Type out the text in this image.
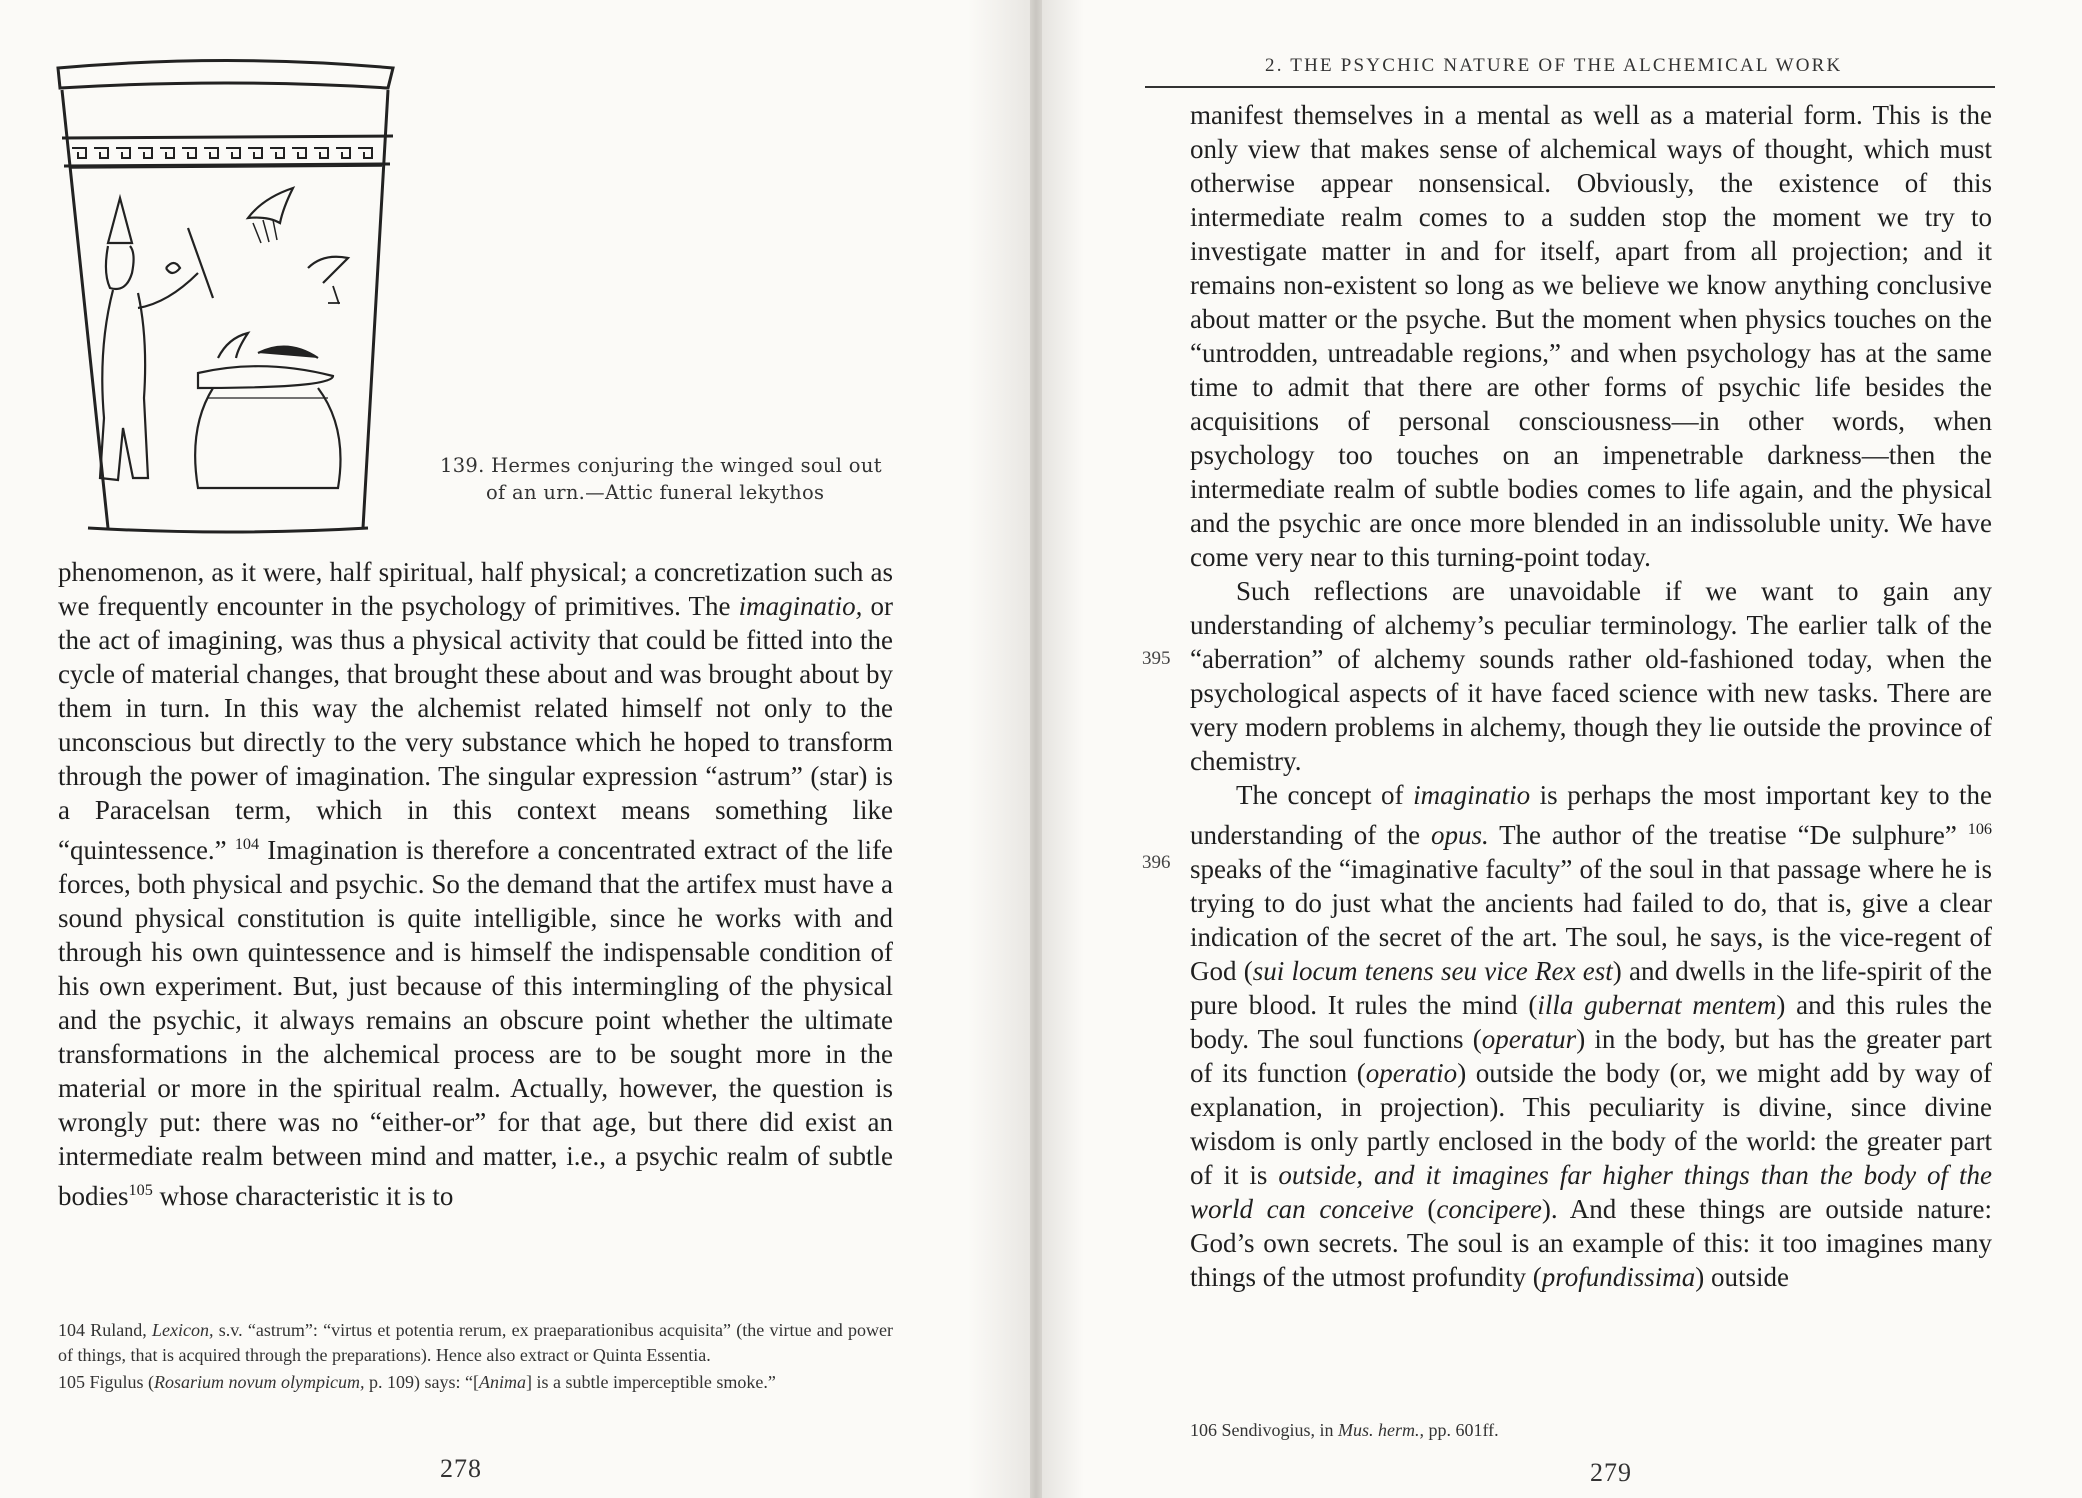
139. Hermes conjuring the winged soul out
of an urn.—Attic funeral lekythos

phenomenon, as it were, half spiritual, half physical; a concretization such as we frequently encounter in the psychology of primitives. The imaginatio, or the act of imagining, was thus a physical activity that could be fitted into the cycle of material changes, that brought these about and was brought about by them in turn. In this way the alchemist related himself not only to the unconscious but directly to the very substance which he hoped to transform through the power of imagination. The singular expression “astrum” (star) is a Paracelsan term, which in this context means something like “quintessence.” $^{104}$ Imagination is therefore a concentrated extract of the life forces, both physical and psychic. So the demand that the artifex must have a sound physical constitution is quite intelligible, since he works with and through his own quintessence and is himself the indispensable condition of his own experiment. But, just because of this intermingling of the physical and the psychic, it always remains an obscure point whether the ultimate transformations in the alchemical process are to be sought more in the material or more in the spiritual realm. Actually, however, the question is wrongly put: there was no “either-or” for that age, but there did exist an intermediate realm between mind and matter, i.e., a psychic realm of subtle bodies$^{105}$ whose characteristic it is to

104 Ruland, Lexicon, s.v. “astrum”: “virtus et potentia rerum, ex praeparationibus acquisita” (the virtue and power of things, that is acquired through the preparations). Hence also extract or Quinta Essentia.

105 Figulus (Rosarium novum olympicum, p. 109) says: “[Anima] is a subtle imperceptible smoke.”

278
2. THE PSYCHIC NATURE OF THE ALCHEMICAL WORK

manifest themselves in a mental as well as a material form. This is the only view that makes sense of alchemical ways of thought, which must otherwise appear nonsensical. Obviously, the existence of this intermediate realm comes to a sudden stop the moment we try to investigate matter in and for itself, apart from all projection; and it remains non-existent so long as we believe we know anything conclusive about matter or the psyche. But the moment when physics touches on the “untrodden, untreadable regions,” and when psychology has at the same time to admit that there are other forms of psychic life besides the acquisitions of personal consciousness—in other words, when psychology too touches on an impenetrable darkness—then the intermediate realm of subtle bodies comes to life again, and the physical and the psychic are once more blended in an indissoluble unity. We have come very near to this turning-point today.

Such reflections are unavoidable if we want to gain any understanding of alchemy’s peculiar terminology. The earlier talk of the “aberration” of alchemy sounds rather old-fashioned today, when the psychological aspects of it have faced science with new tasks. There are very modern problems in alchemy, though they lie outside the province of chemistry.

The concept of imaginatio is perhaps the most important key to the understanding of the opus. The author of the treatise “De sulphure” $^{106}$ speaks of the “imaginative faculty” of the soul in that passage where he is trying to do just what the ancients had failed to do, that is, give a clear indication of the secret of the art. The soul, he says, is the vice-regent of God (sui locum tenens seu vice Rex est) and dwells in the life-spirit of the pure blood. It rules the mind (illa gubernat mentem) and this rules the body. The soul functions (operatur) in the body, but has the greater part of its function (operatio) outside the body (or, we might add by way of explanation, in projection). This peculiarity is divine, since divine wisdom is only partly enclosed in the body of the world: the greater part of it is outside, and it imagines far higher things than the body of the world can conceive (concipere). And these things are outside nature: God’s own secrets. The soul is an example of this: it too imagines many things of the utmost profundity (profundissima) outside

395
396
106 Sendivogius, in Mus. herm., pp. 601ff.
279
